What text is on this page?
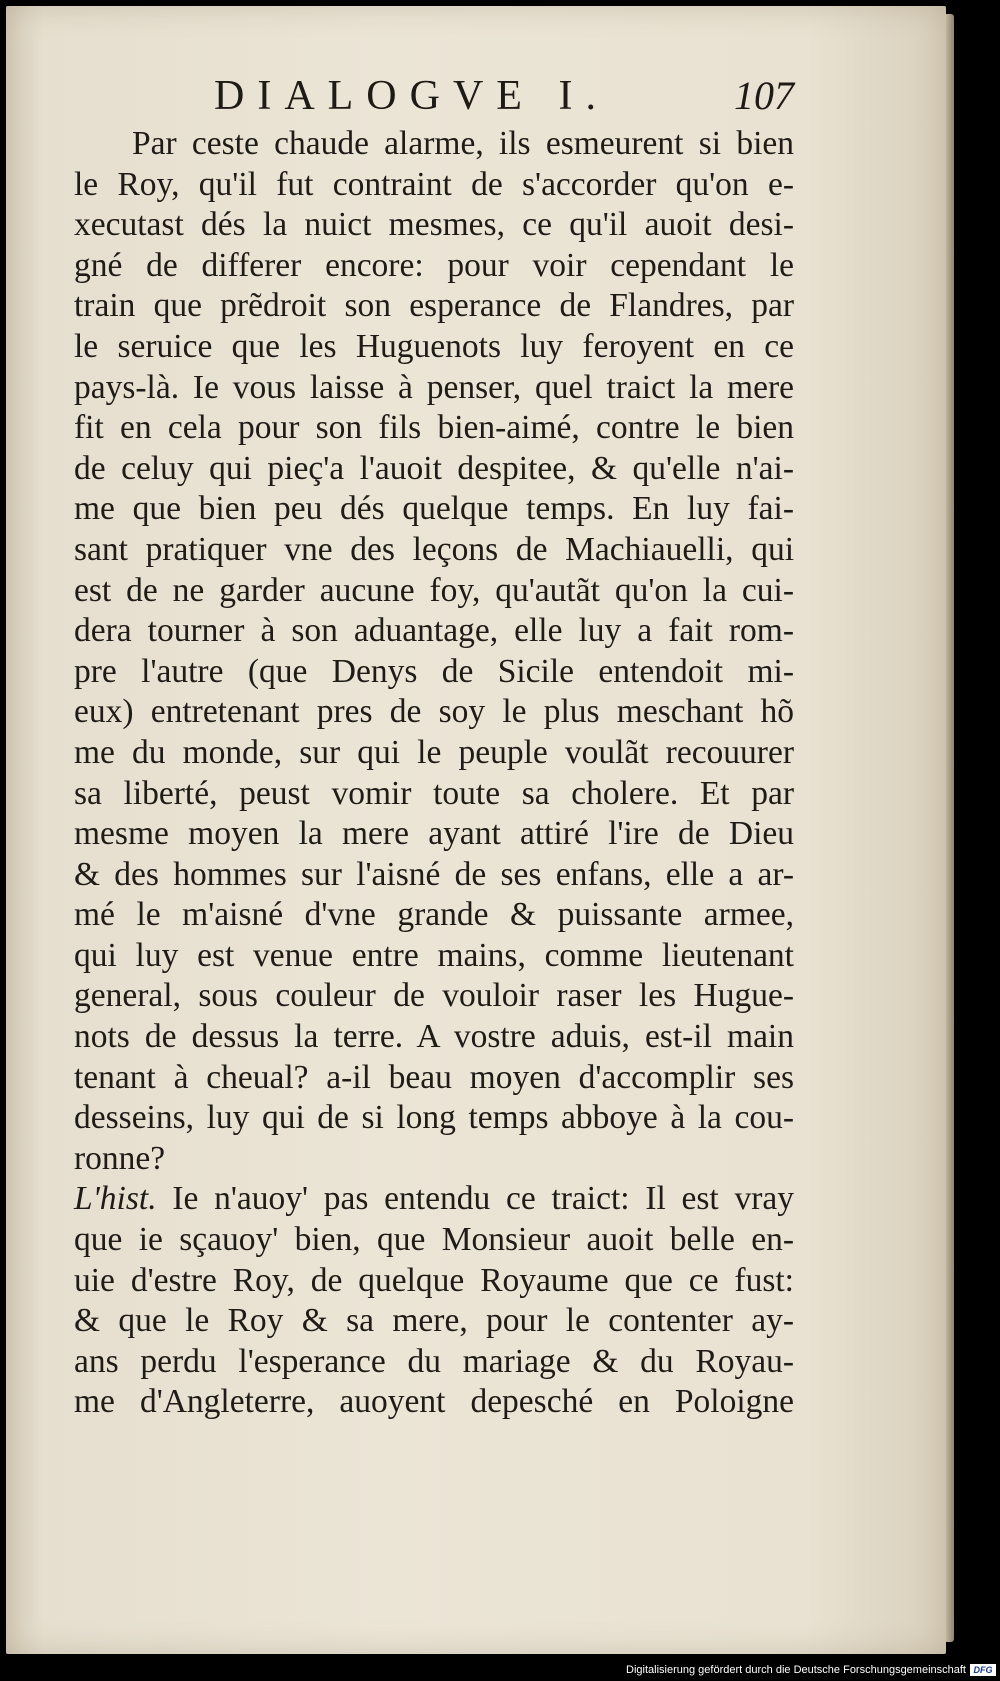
DIALOGVE I.	107
Par ceste chaude alarme, ils esmeurent si bien
le Roy, qu'il fut contraint de s'accorder qu'on e-
xecutast dés la nuict mesmes, ce qu'il auoit desi-
gné de differer encore: pour voir cependant le
train que prẽdroit son esperance de Flandres, par
le seruice que les Huguenots luy feroyent en ce
pays-là. Ie vous laisse à penser, quel traict la mere
fit en cela pour son fils bien-aimé, contre le bien
de celuy qui pieç'a l'auoit despitee, & qu'elle n'ai-
me que bien peu dés quelque temps. En luy fai-
sant pratiquer vne des leçons de Machiauelli, qui
est de ne garder aucune foy, qu'autãt qu'on la cui-
dera tourner à son aduantage, elle luy a fait rom-
pre l'autre (que Denys de Sicile entendoit mi-
eux) entretenant pres de soy le plus meschant hõ
me du monde, sur qui le peuple voulãt recouurer
sa liberté, peust vomir toute sa cholere. Et par
mesme moyen la mere ayant attiré l'ire de Dieu
& des hommes sur l'aisné de ses enfans, elle a ar-
mé le m'aisné d'vne grande & puissante armee,
qui luy est venue entre mains, comme lieutenant
general, sous couleur de vouloir raser les Hugue-
nots de dessus la terre. A vostre aduis, est-il main
tenant à cheual? a-il beau moyen d'accomplir ses
desseins, luy qui de si long temps abboye à la cou-
ronne?
L'hist. Ie n'auoy' pas entendu ce traict: Il est vray
que ie sçauoy' bien, que Monsieur auoit belle en-
uie d'estre Roy, de quelque Royaume que ce fust:
& que le Roy & sa mere, pour le contenter ay-
ans perdu l'esperance du mariage & du Royau-
me d'Angleterre, auoyent depesché en Poloigne
Digitalisierung gefördert durch die Deutsche Forschungsgemeinschaft DFG
